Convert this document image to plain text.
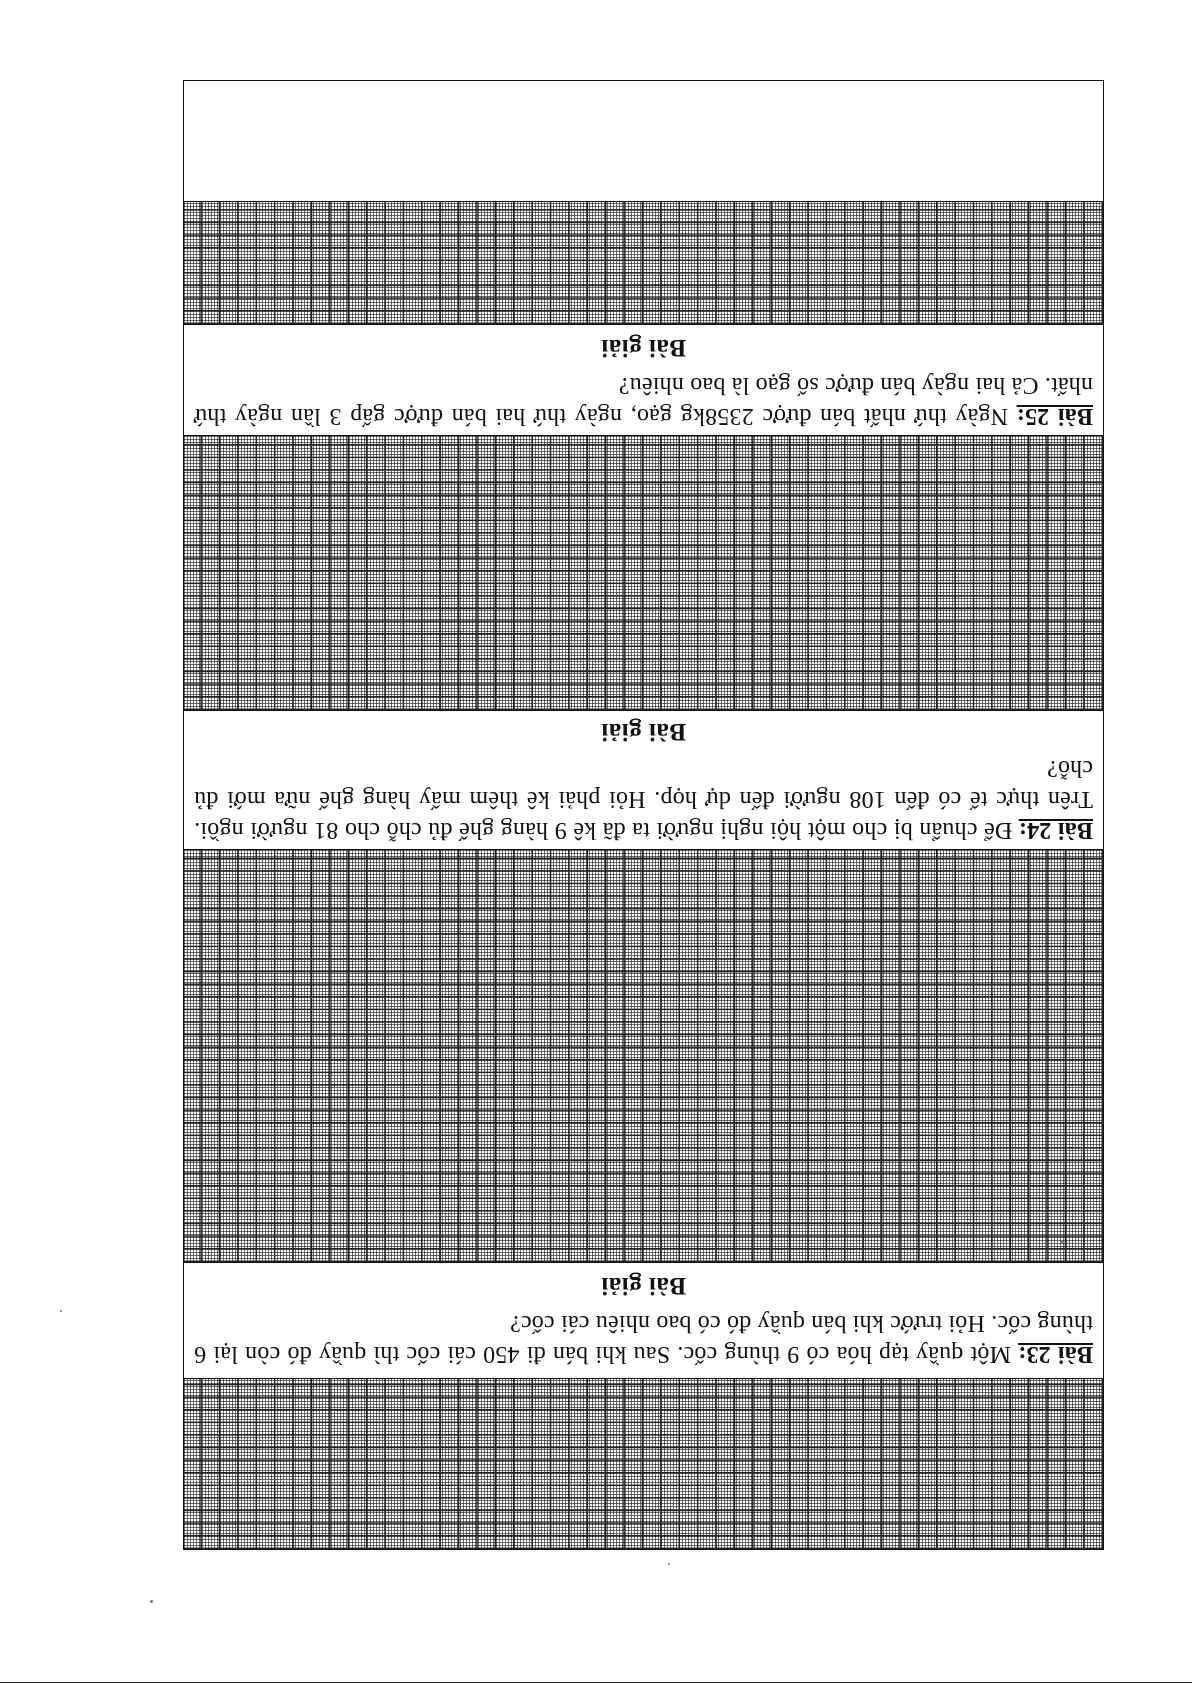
Bài 23: Một quầy tạp hóa có 9 thùng cốc. Sau khi bán đi 450 cái cốc thì quầy đó còn lại 6 thùng cốc. Hỏi trước khi bán quầy đó có bao nhiêu cái cốc?
Bài giải
Bài 24: Để chuẩn bị cho một hội nghị người ta đã kê 9 hàng ghế đủ chỗ cho 81 người ngồi. Trên thực tế có đến 108 người đến dự họp. Hỏi phải kê thêm mấy hàng ghế nữa mới đủ chỗ?
Bài giải
Bài 25: Ngày thứ nhất bán được 2358kg gạo, ngày thứ hai bán được gấp 3 lần ngày thứ nhất. Cả hai ngày bán được số gạo là bao nhiêu?
Bài giải
